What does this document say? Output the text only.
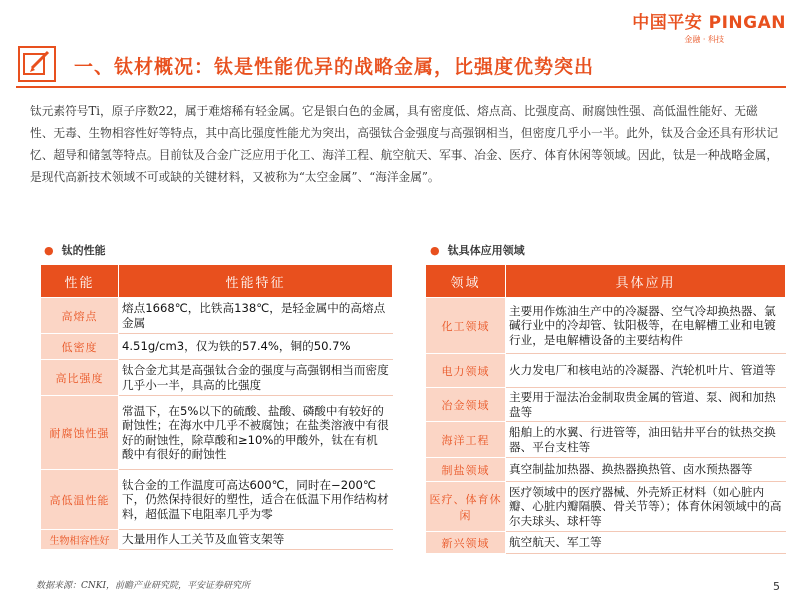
中国平安 PINGAN
金融 · 科技
一、钛材概况：钛是性能优异的战略金属，比强度优势突出
钛元素符号Ti，原子序数22，属于难熔稀有轻金属。它是银白色的金属，具有密度低、熔点高、比强度高、耐腐蚀性强、高低温性能好、无磁性、无毒、生物相容性好等特点，其中高比强度性能尤为突出，高强钛合金强度与高强钢相当，但密度几乎小一半。此外，钛及合金还具有形状记忆、超导和储氢等特点。目前钛及合金广泛应用于化工、海洋工程、航空航天、军事、冶金、医疗、体育休闲等领域。因此，钛是一种战略金属，是现代高新技术领域不可或缺的关键材料，又被称为“太空金属”、“海洋金属”。
● 钛的性能	● 钛具体应用领域
性能	性能特征
高熔点	熔点1668℃，比铁高138℃，是轻金属中的高熔点金属
低密度	4.51g/cm3，仅为铁的57.4%，铜的50.7%
高比强度	钛合金尤其是高强钛合金的强度与高强钢相当而密度几乎小一半，具高的比强度
耐腐蚀性强	常温下，在5%以下的硫酸、盐酸、磷酸中有较好的耐蚀性；在海水中几乎不被腐蚀；在盐类溶液中有很好的耐蚀性，除草酸和≥10%的甲酸外，钛在有机酸中有很好的耐蚀性
高低温性能	钛合金的工作温度可高达600℃，同时在−200℃下，仍然保持很好的塑性，适合在低温下用作结构材料，超低温下电阻率几乎为零
生物相容性好	大量用作人工关节及血管支架等
领域	具体应用
化工领域	主要用作炼油生产中的冷凝器、空气冷却换热器、氯碱行业中的冷却管、钛阳极等，在电解槽工业和电镀行业，是电解槽设备的主要结构件
电力领域	火力发电厂和核电站的冷凝器、汽轮机叶片、管道等
冶金领域	主要用于湿法冶金制取贵金属的管道、泵、阀和加热盘等
海洋工程	船舶上的水翼、行进管等，油田钻井平台的钛热交换器、平台支柱等
制盐领域	真空制盐加热器、换热器换热管、卤水预热器等
医疗、体育休闲	医疗领域中的医疗器械、外壳矫正材料（如心脏内瓣、心脏内瓣隔膜、骨关节等）；体育休闲领域中的高尔夫球头、球杆等
新兴领域	航空航天、军工等
数据来源：CNKI，前瞻产业研究院，平安证券研究所	5
